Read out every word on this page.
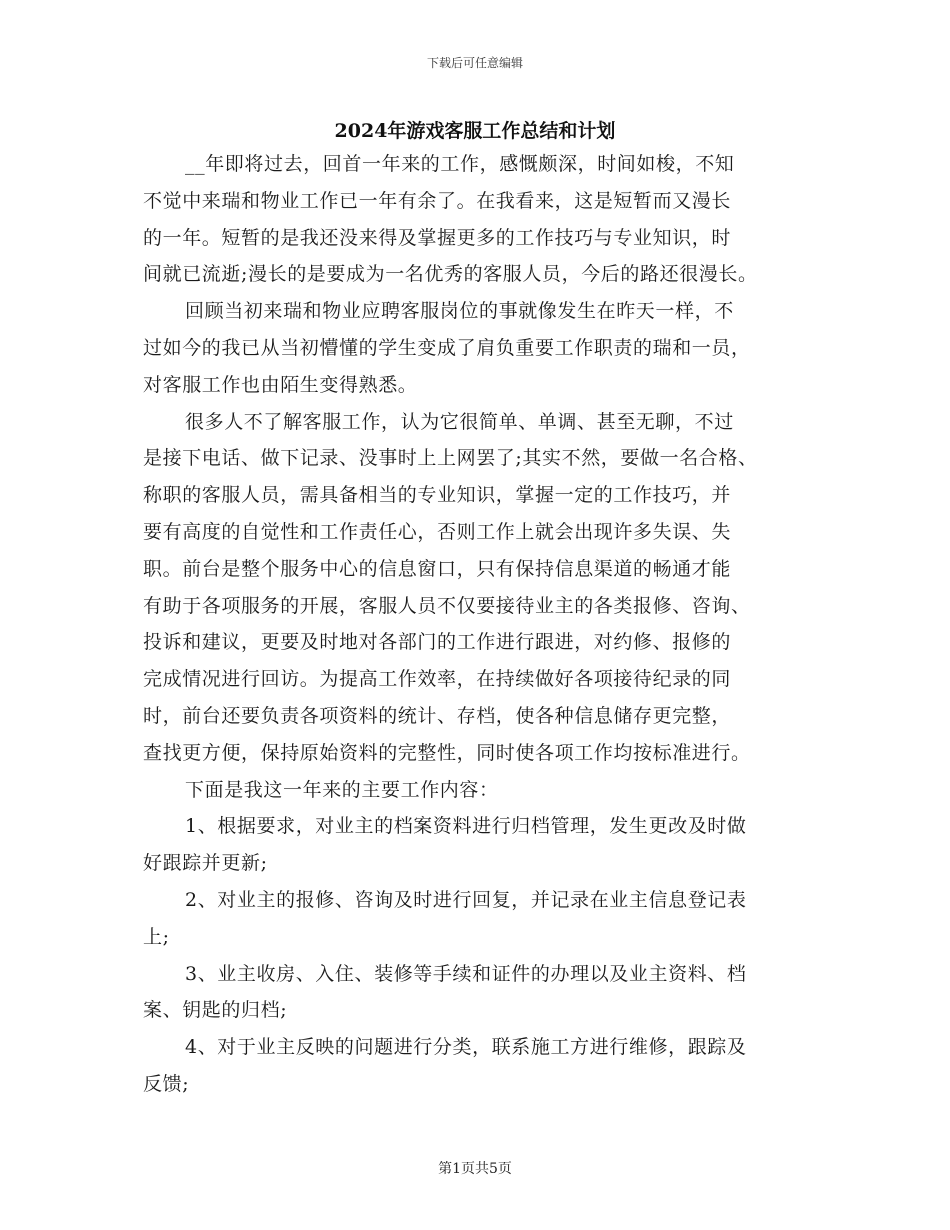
下载后可任意编辑
2024年游戏客服工作总结和计划
__年即将过去，回首一年来的工作，感慨颇深，时间如梭，不知
不觉中来瑞和物业工作已一年有余了。在我看来，这是短暂而又漫长
的一年。短暂的是我还没来得及掌握更多的工作技巧与专业知识，时
间就已流逝;漫长的是要成为一名优秀的客服人员，今后的路还很漫长。
回顾当初来瑞和物业应聘客服岗位的事就像发生在昨天一样，不
过如今的我已从当初懵懂的学生变成了肩负重要工作职责的瑞和一员，
对客服工作也由陌生变得熟悉。
很多人不了解客服工作，认为它很简单、单调、甚至无聊，不过
是接下电话、做下记录、没事时上上网罢了;其实不然，要做一名合格、
称职的客服人员，需具备相当的专业知识，掌握一定的工作技巧，并
要有高度的自觉性和工作责任心，否则工作上就会出现许多失误、失
职。前台是整个服务中心的信息窗口，只有保持信息渠道的畅通才能
有助于各项服务的开展，客服人员不仅要接待业主的各类报修、咨询、
投诉和建议，更要及时地对各部门的工作进行跟进，对约修、报修的
完成情况进行回访。为提高工作效率，在持续做好各项接待纪录的同
时，前台还要负责各项资料的统计、存档，使各种信息储存更完整，
查找更方便，保持原始资料的完整性，同时使各项工作均按标准进行。
下面是我这一年来的主要工作内容：
1、根据要求，对业主的档案资料进行归档管理，发生更改及时做
好跟踪并更新;
2、对业主的报修、咨询及时进行回复，并记录在业主信息登记表
上;
3、业主收房、入住、装修等手续和证件的办理以及业主资料、档
案、钥匙的归档;
4、对于业主反映的问题进行分类，联系施工方进行维修，跟踪及
反馈;
第1页共5页
